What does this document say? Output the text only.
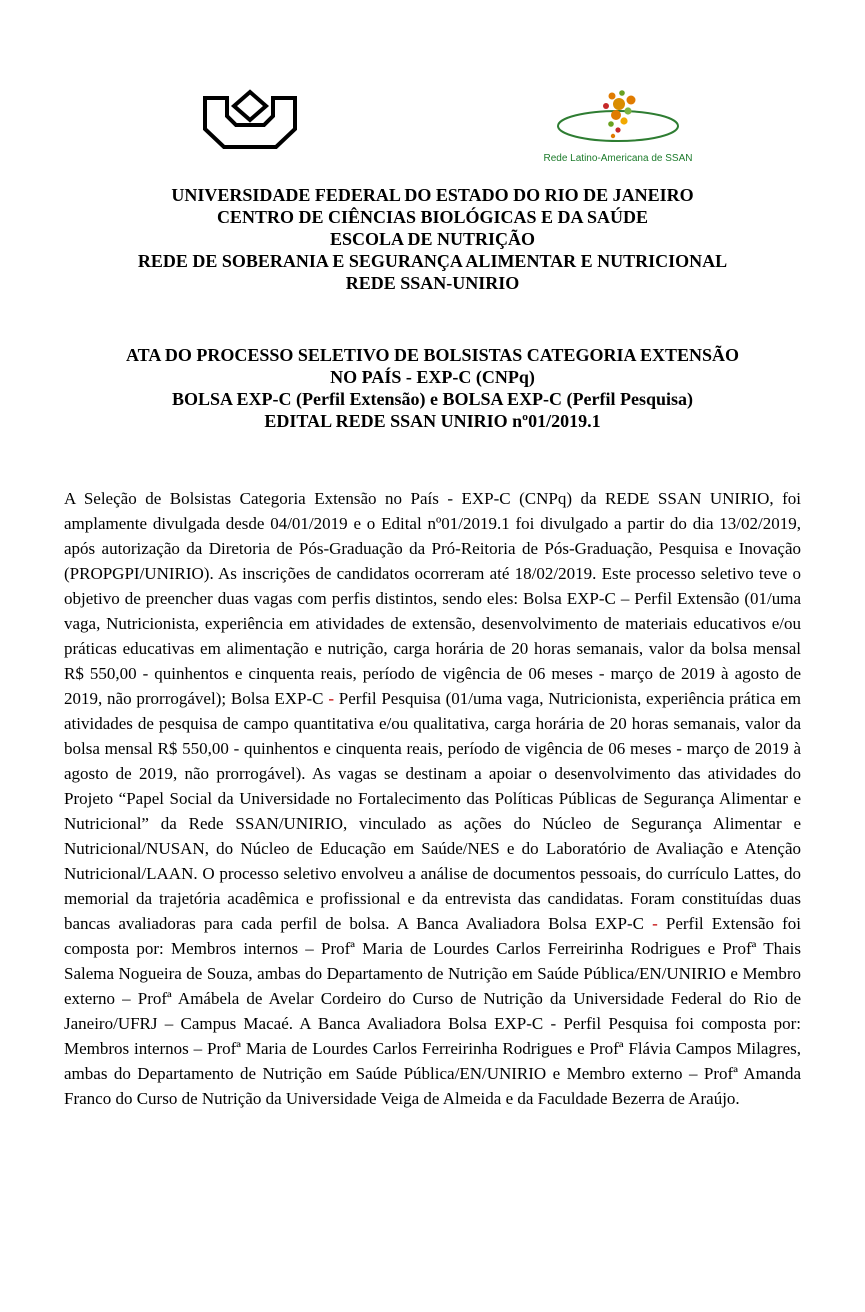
Rede Latino-Americana de SSAN
UNIVERSIDADE FEDERAL DO ESTADO DO RIO DE JANEIRO
CENTRO DE CIÊNCIAS BIOLÓGICAS E DA SAÚDE
ESCOLA DE NUTRIÇÃO
REDE DE SOBERANIA E SEGURANÇA ALIMENTAR E NUTRICIONAL
REDE SSAN-UNIRIO
ATA DO PROCESSO SELETIVO DE BOLSISTAS CATEGORIA EXTENSÃO
NO PAÍS - EXP-C (CNPq)
BOLSA EXP-C (Perfil Extensão) e BOLSA EXP-C (Perfil Pesquisa)
EDITAL REDE SSAN UNIRIO nº01/2019.1
A Seleção de Bolsistas Categoria Extensão no País - EXP-C (CNPq) da REDE SSAN UNIRIO, foi amplamente divulgada desde 04/01/2019 e o Edital nº01/2019.1 foi divulgado a partir do dia 13/02/2019, após autorização da Diretoria de Pós-Graduação da Pró-Reitoria de Pós-Graduação, Pesquisa e Inovação (PROPGPI/UNIRIO). As inscrições de candidatos ocorreram até 18/02/2019. Este processo seletivo teve o objetivo de preencher duas vagas com perfis distintos, sendo eles: Bolsa EXP-C – Perfil Extensão (01/uma vaga, Nutricionista, experiência em atividades de extensão, desenvolvimento de materiais educativos e/ou práticas educativas em alimentação e nutrição, carga horária de 20 horas semanais, valor da bolsa mensal R$ 550,00 - quinhentos e cinquenta reais, período de vigência de 06 meses - março de 2019 à agosto de 2019, não prorrogável); Bolsa EXP-C - Perfil Pesquisa (01/uma vaga, Nutricionista, experiência prática em atividades de pesquisa de campo quantitativa e/ou qualitativa, carga horária de 20 horas semanais, valor da bolsa mensal R$ 550,00 - quinhentos e cinquenta reais, período de vigência de 06 meses - março de 2019 à agosto de 2019, não prorrogável). As vagas se destinam a apoiar o desenvolvimento das atividades do Projeto “Papel Social da Universidade no Fortalecimento das Políticas Públicas de Segurança Alimentar e Nutricional” da Rede SSAN/UNIRIO, vinculado as ações do Núcleo de Segurança Alimentar e Nutricional/NUSAN, do Núcleo de Educação em Saúde/NES e do Laboratório de Avaliação e Atenção Nutricional/LAAN. O processo seletivo envolveu a análise de documentos pessoais, do currículo Lattes, do memorial da trajetória acadêmica e profissional e da entrevista das candidatas. Foram constituídas duas bancas avaliadoras para cada perfil de bolsa. A Banca Avaliadora Bolsa EXP-C - Perfil Extensão foi composta por: Membros internos – Profª Maria de Lourdes Carlos Ferreirinha Rodrigues e Profª Thais Salema Nogueira de Souza, ambas do Departamento de Nutrição em Saúde Pública/EN/UNIRIO e Membro externo – Profª Amábela de Avelar Cordeiro do Curso de Nutrição da Universidade Federal do Rio de Janeiro/UFRJ – Campus Macaé. A Banca Avaliadora Bolsa EXP-C - Perfil Pesquisa foi composta por: Membros internos – Profª Maria de Lourdes Carlos Ferreirinha Rodrigues e Profª Flávia Campos Milagres, ambas do Departamento de Nutrição em Saúde Pública/EN/UNIRIO e Membro externo – Profª Amanda Franco do Curso de Nutrição da Universidade Veiga de Almeida e da Faculdade Bezerra de Araújo.
